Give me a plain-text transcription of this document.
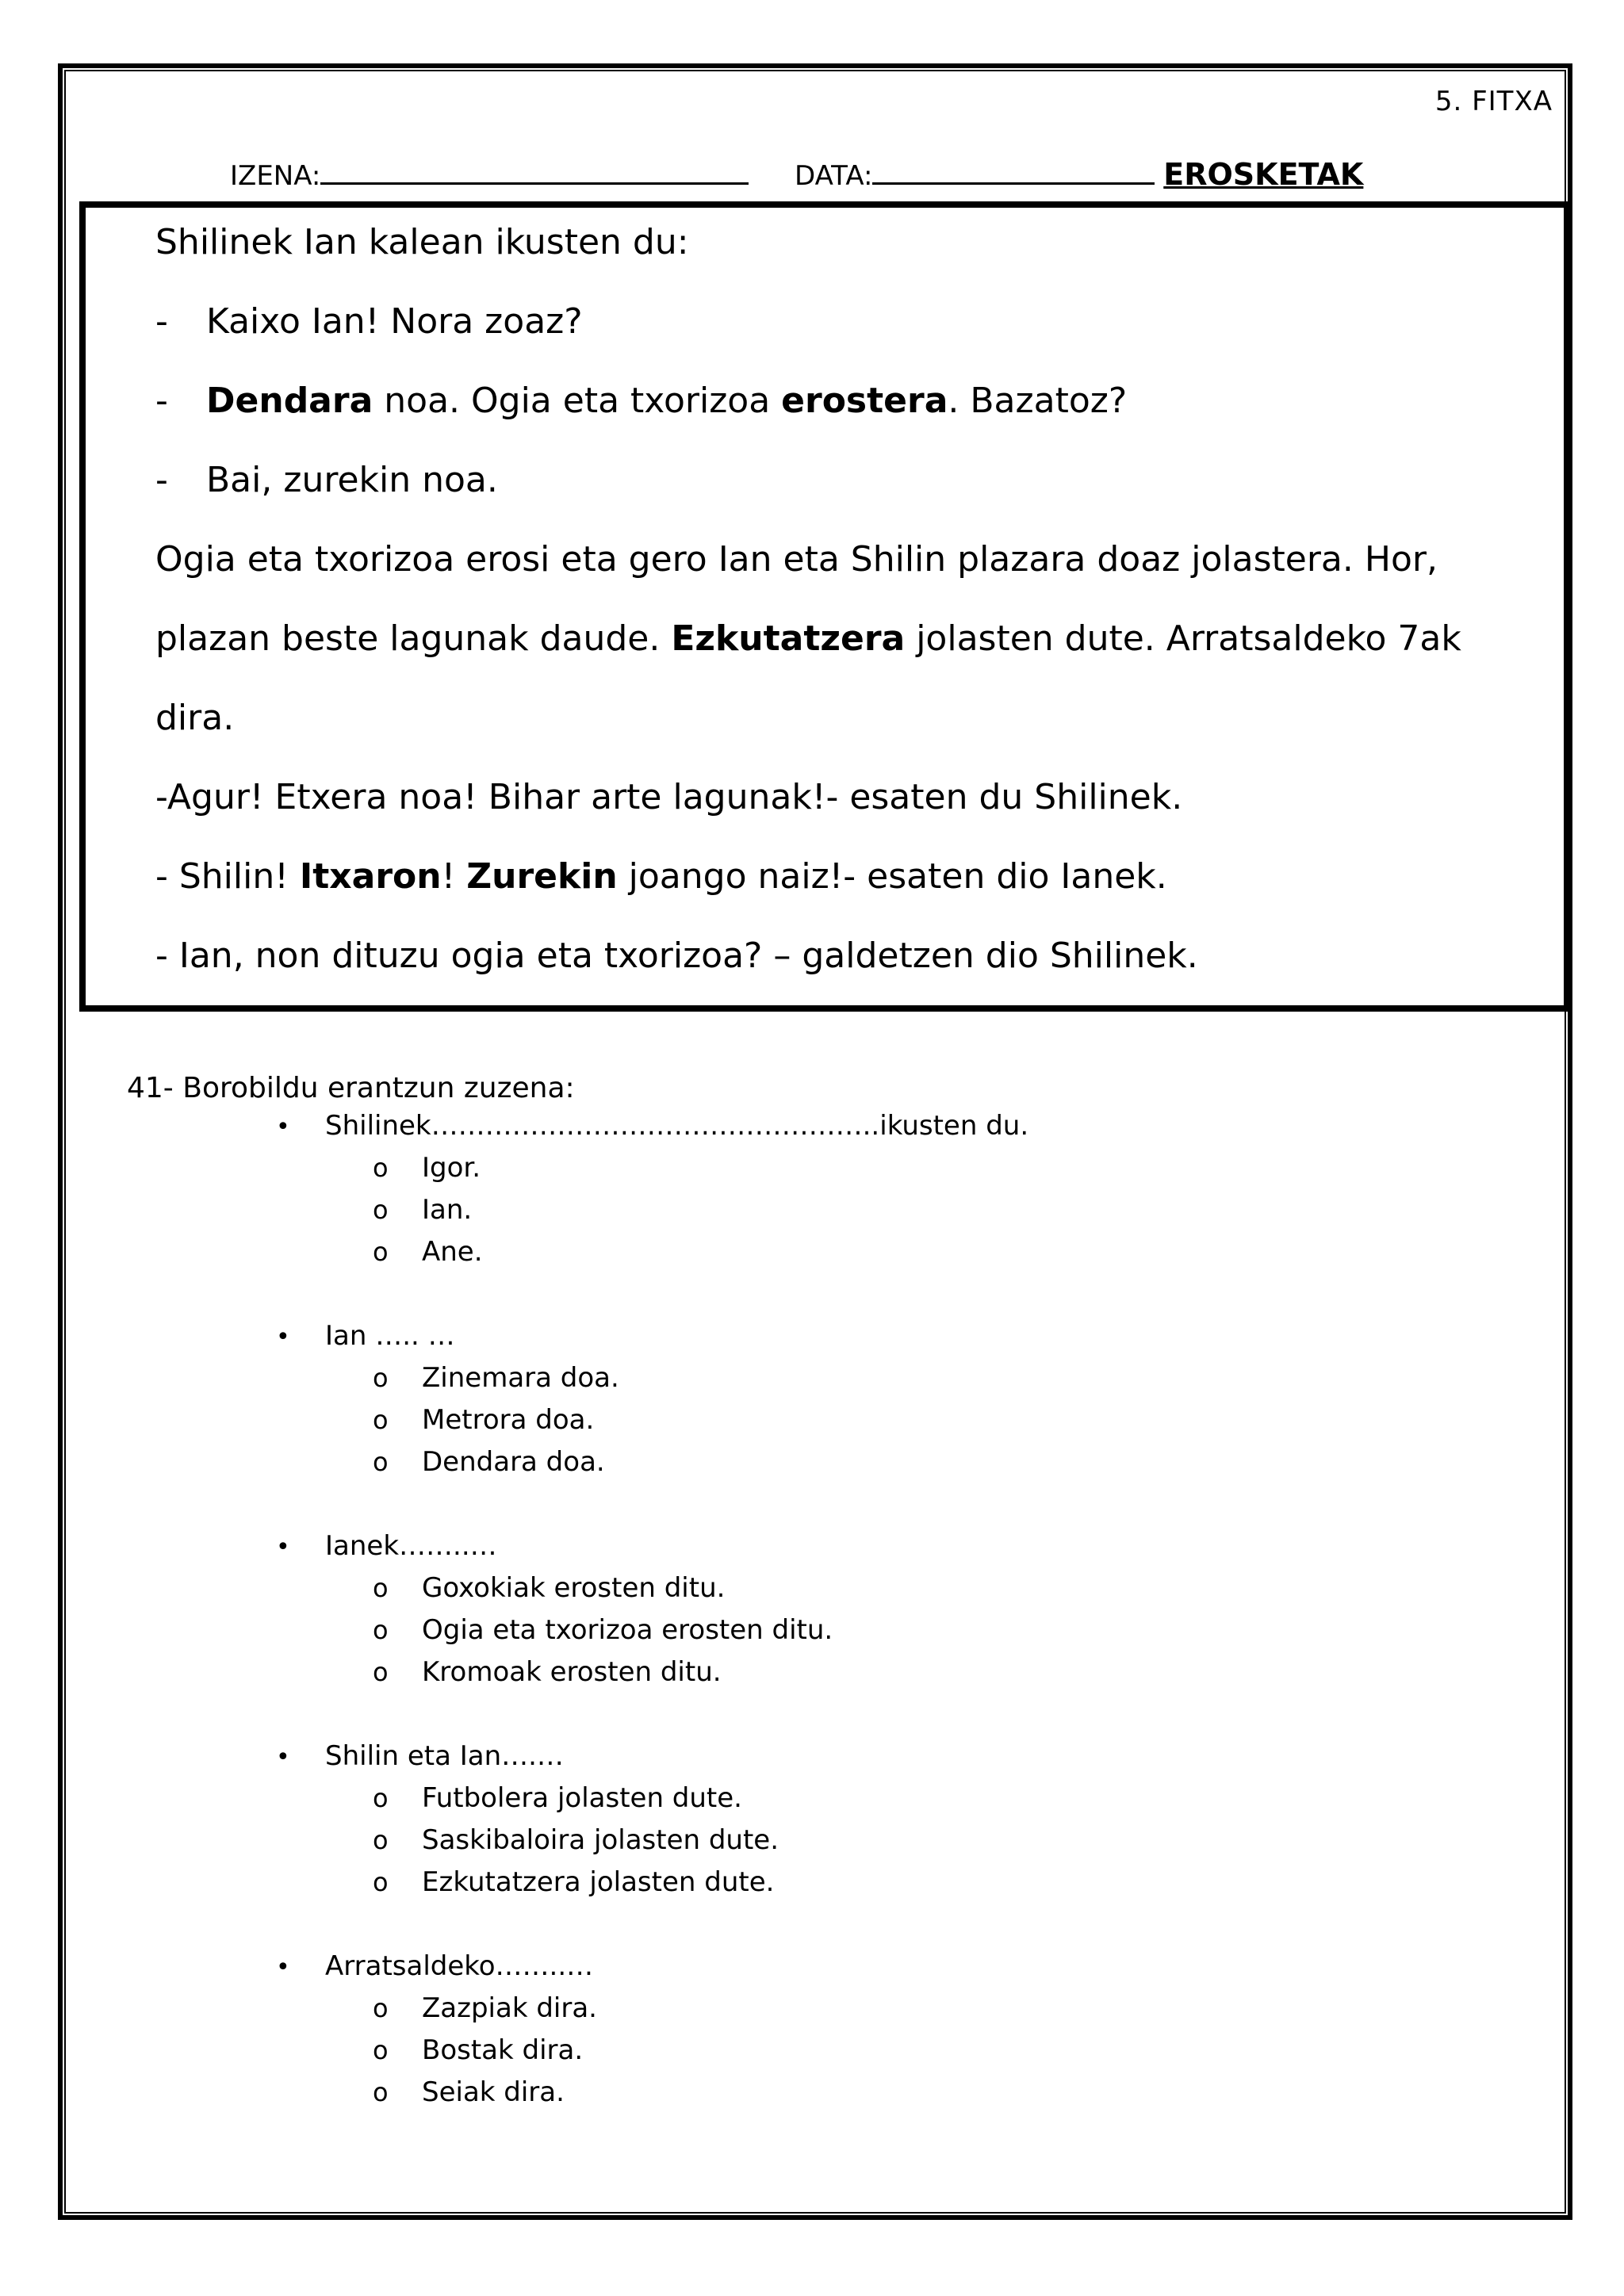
5. FITXA
IZENA:	DATA:	EROSKETAK
Shilinek Ian kalean ikusten du:
- Kaixo Ian! Nora zoaz?
- Dendara noa. Ogia eta txorizoa erostera. Bazatoz?
- Bai, zurekin noa.
Ogia eta txorizoa erosi eta gero Ian eta Shilin plazara doaz jolastera. Hor,
plazan beste lagunak daude. Ezkutatzera jolasten dute. Arratsaldeko 7ak
dira.
-Agur! Etxera noa! Bihar arte lagunak!- esaten du Shilinek.
- Shilin! Itxaron! Zurekin joango naiz!- esaten dio Ianek.
- Ian, non dituzu ogia eta txorizoa? – galdetzen dio Shilinek.
41- Borobildu erantzun zuzena:
• Shilinek…………………………………………..ikusten du.
o Igor.
o Ian.
o Ane.
• Ian ….. …
o Zinemara doa.
o Metrora doa.
o Dendara doa.
• Ianek……..…
o Goxokiak erosten ditu.
o Ogia eta txorizoa erosten ditu.
o Kromoak erosten ditu.
• Shilin eta Ian….…
o Futbolera jolasten dute.
o Saskibaloira jolasten dute.
o Ezkutatzera jolasten dute.
• Arratsaldeko……..…
o Zazpiak dira.
o Bostak dira.
o Seiak dira.
